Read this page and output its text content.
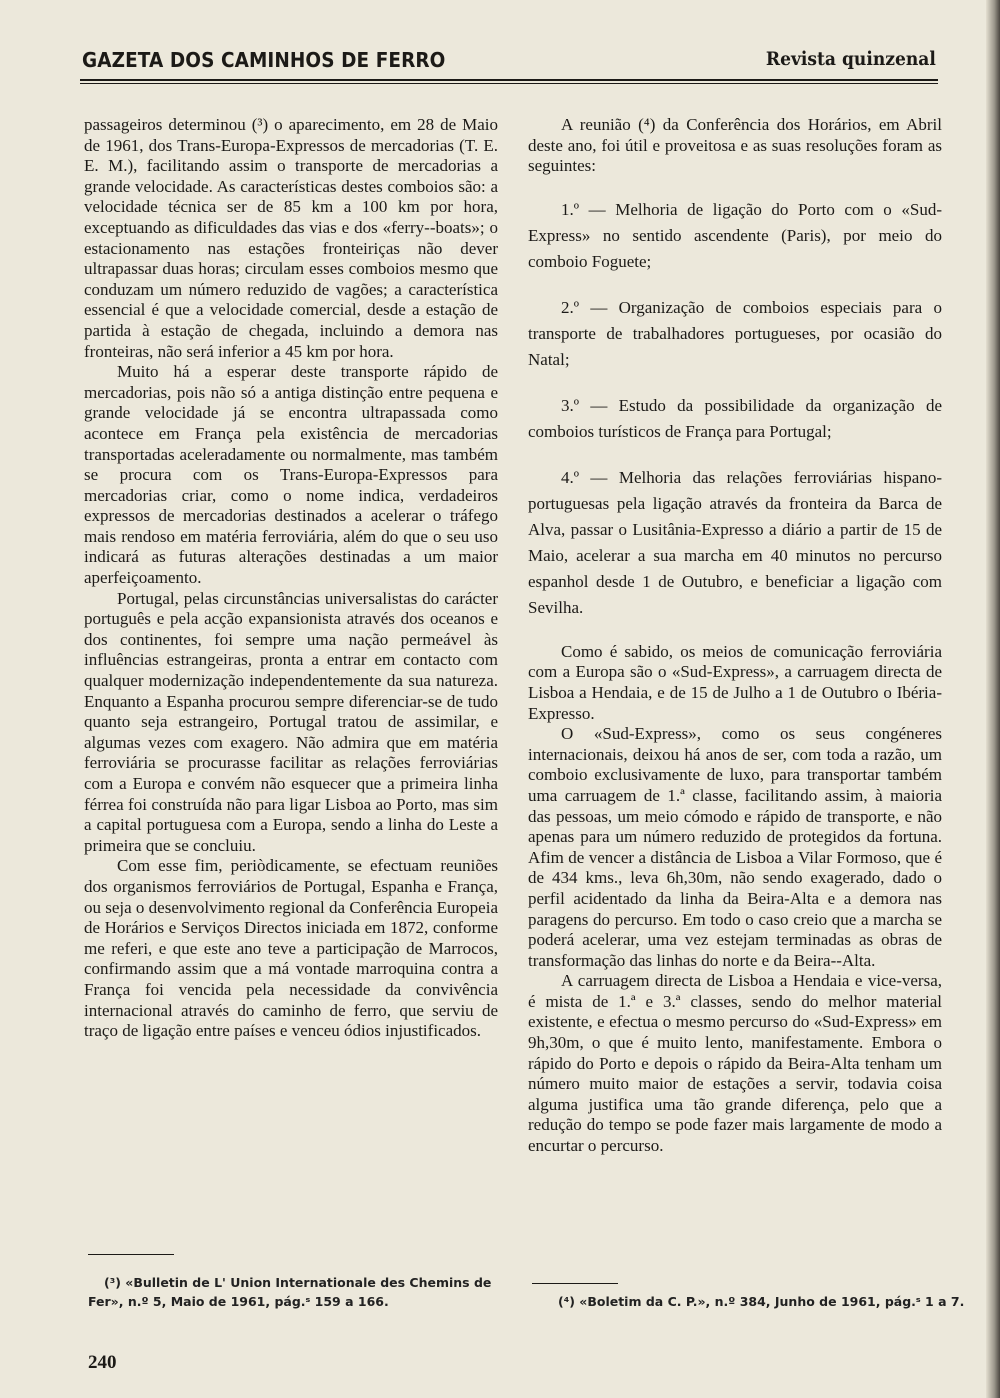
GAZETA DOS CAMINHOS DE FERRO	Revista quinzenal

passageiros determinou (³) o aparecimento, em 28 de Maio de 1961, dos Trans-Europa-Expressos de mercadorias (T. E. E. M.), facilitando assim o transporte de mercadorias a grande velocidade. As características destes comboios são: a velocidade técnica ser de 85 km a 100 km por hora, exceptuando as dificuldades das vias e dos «ferry--boats»; o estacionamento nas estações fronteiriças não dever ultrapassar duas horas; circulam esses comboios mesmo que conduzam um número reduzido de vagões; a característica essencial é que a velocidade comercial, desde a estação de partida à estação de chegada, incluindo a demora nas fronteiras, não será inferior a 45 km por hora.

Muito há a esperar deste transporte rápido de mercadorias, pois não só a antiga distinção entre pequena e grande velocidade já se encontra ultrapassada como acontece em França pela existência de mercadorias transportadas aceleradamente ou normalmente, mas também se procura com os Trans-Europa-Expressos para mercadorias criar, como o nome indica, verdadeiros expressos de mercadorias destinados a acelerar o tráfego mais rendoso em matéria ferroviária, além do que o seu uso indicará as futuras alterações destinadas a um maior aperfeiçoamento.

Portugal, pelas circunstâncias universalistas do carácter português e pela acção expansionista através dos oceanos e dos continentes, foi sempre uma nação permeável às influências estrangeiras, pronta a entrar em contacto com qualquer modernização independentemente da sua natureza. Enquanto a Espanha procurou sempre diferenciar-se de tudo quanto seja estrangeiro, Portugal tratou de assimilar, e algumas vezes com exagero. Não admira que em matéria ferroviária se procurasse facilitar as relações ferroviárias com a Europa e convém não esquecer que a primeira linha férrea foi construída não para ligar Lisboa ao Porto, mas sim a capital portuguesa com a Europa, sendo a linha do Leste a primeira que se concluiu.

Com esse fim, periòdicamente, se efectuam reuniões dos organismos ferroviários de Portugal, Espanha e França, ou seja o desenvolvimento regional da Conferência Europeia de Horários e Serviços Directos iniciada em 1872, conforme me referi, e que este ano teve a participação de Marrocos, confirmando assim que a má vontade marroquina contra a França foi vencida pela necessidade da convivência internacional através do caminho de ferro, que serviu de traço de ligação entre países e venceu ódios injustificados.

A reunião (⁴) da Conferência dos Horários, em Abril deste ano, foi útil e proveitosa e as suas resoluções foram as seguintes:

1.º — Melhoria de ligação do Porto com o «Sud-Express» no sentido ascendente (Paris), por meio do comboio Foguete;

2.º — Organização de comboios especiais para o transporte de trabalhadores portugueses, por ocasião do Natal;

3.º — Estudo da possibilidade da organização de comboios turísticos de França para Portugal;

4.º — Melhoria das relações ferroviárias hispano-portuguesas pela ligação através da fronteira da Barca de Alva, passar o Lusitânia-Expresso a diário a partir de 15 de Maio, acelerar a sua marcha em 40 minutos no percurso espanhol desde 1 de Outubro, e beneficiar a ligação com Sevilha.

Como é sabido, os meios de comunicação ferroviária com a Europa são o «Sud-Express», a carruagem directa de Lisboa a Hendaia, e de 15 de Julho a 1 de Outubro o Ibéria-Expresso.

O «Sud-Express», como os seus congéneres internacionais, deixou há anos de ser, com toda a razão, um comboio exclusivamente de luxo, para transportar também uma carruagem de 1.ª classe, facilitando assim, à maioria das pessoas, um meio cómodo e rápido de transporte, e não apenas para um número reduzido de protegidos da fortuna. Afim de vencer a distância de Lisboa a Vilar Formoso, que é de 434 kms., leva 6h,30m, não sendo exagerado, dado o perfil acidentado da linha da Beira-Alta e a demora nas paragens do percurso. Em todo o caso creio que a marcha se poderá acelerar, uma vez estejam terminadas as obras de transformação das linhas do norte e da Beira--Alta.

A carruagem directa de Lisboa a Hendaia e vice-versa, é mista de 1.ª e 3.ª classes, sendo do melhor material existente, e efectua o mesmo percurso do «Sud-Express» em 9h,30m, o que é muito lento, manifestamente. Embora o rápido do Porto e depois o rápido da Beira-Alta tenham um número muito maior de estações a servir, todavia coisa alguma justifica uma tão grande diferença, pelo que a redução do tempo se pode fazer mais largamente de modo a encurtar o percurso.

(³) «Bulletin de L' Union Internationale des Chemins de
Fer», n.º 5, Maio de 1961, pág.ˢ 159 a 166.	(⁴) «Boletim da C. P.», n.º 384, Junho de 1961, pág.ˢ 1 a 7.
240
